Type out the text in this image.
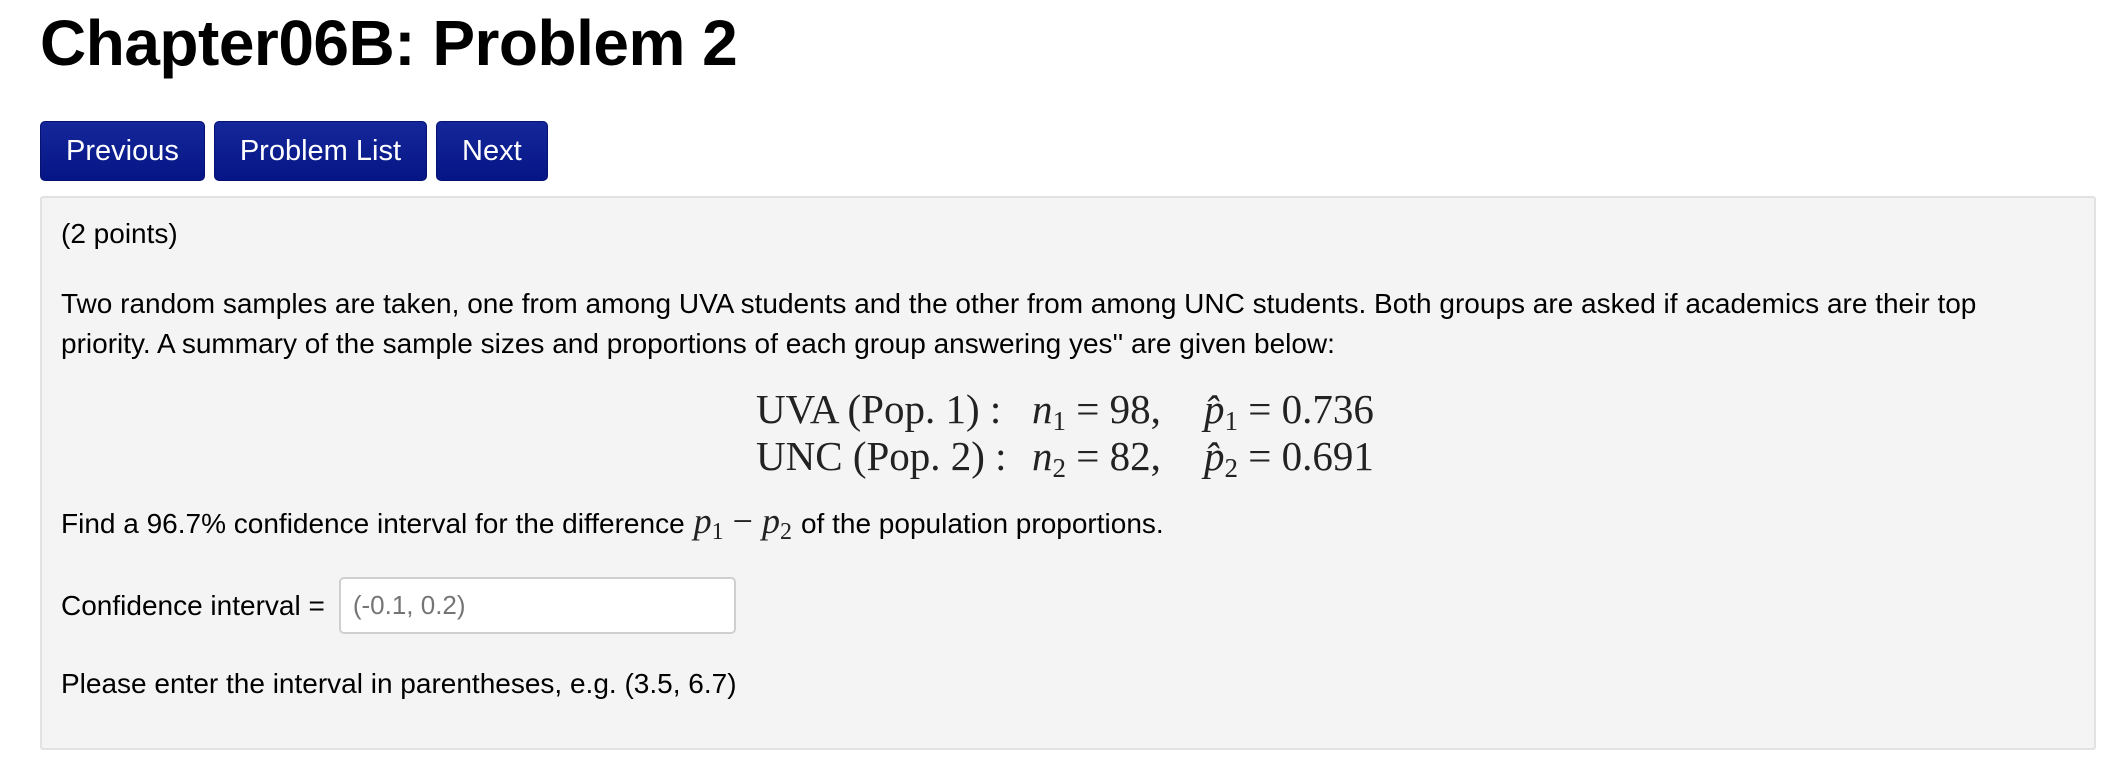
Chapter06B: Problem 2
Previous	Problem List	Next
(2 points)
Two random samples are taken, one from among UVA students and the other from among UNC students. Both groups are asked if academics are their top priority. A summary of the sample sizes and proportions of each group answering yes'' are given below:
UVA (Pop. 1) : $n_1 = 98$,	$p̂_1 = 0.736$
UNC (Pop. 2) : $n_2 = 82$,	$p̂_2 = 0.691$
Find a 96.7% confidence interval for the difference $p_1 - p_2$ of the population proportions.
Confidence interval =
(-0.1, 0.2)
Please enter the interval in parentheses, e.g. (3.5, 6.7)
